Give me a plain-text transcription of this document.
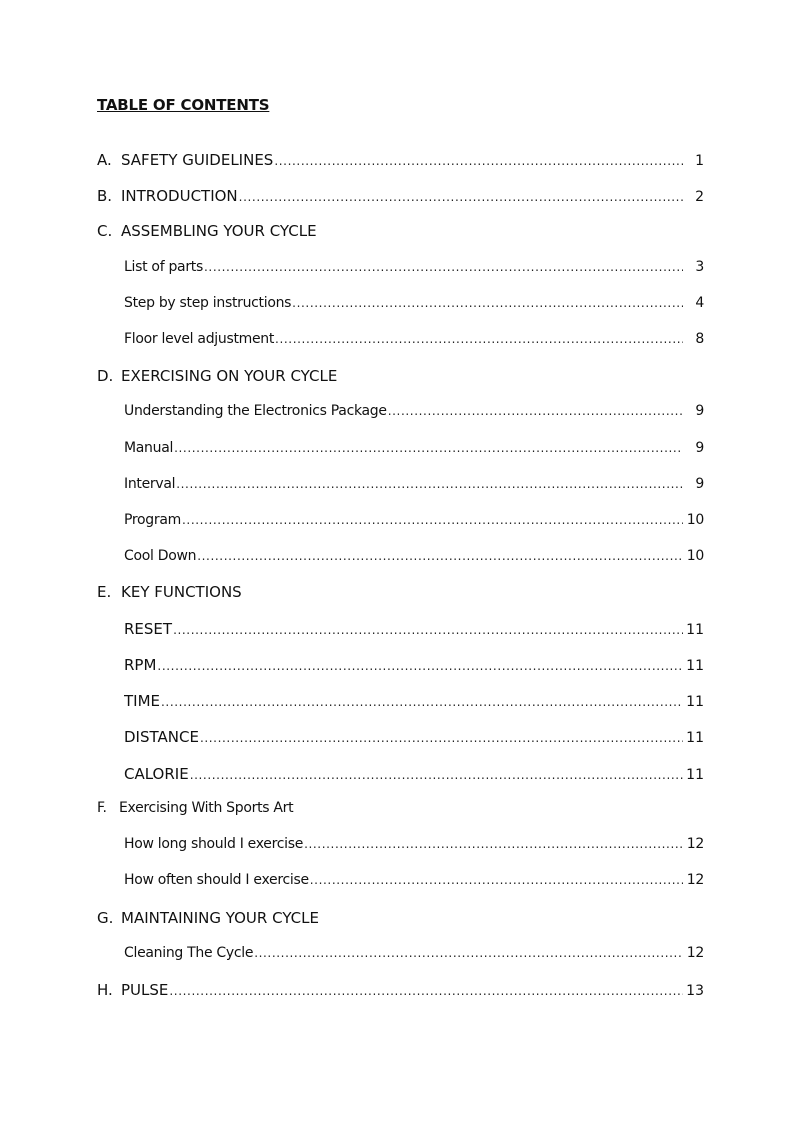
TABLE OF CONTENTS
A. SAFETY GUIDELINES .....	1
B. INTRODUCTION .....	2
C. ASSEMBLING YOUR CYCLE
List of parts .....	3
Step by step instructions .....	4
Floor level adjustment .....	8
D. EXERCISING ON YOUR CYCLE
Understanding the Electronics Package .....	9
Manual .....	9
Interval .....	9
Program .....	10
Cool Down .....	10
E. KEY FUNCTIONS
RESET .....	11
RPM .....	11
TIME .....	11
DISTANCE .....	11
CALORIE .....	11
F. Exercising With Sports Art
How long should I exercise .....	12
How often should I exercise .....	12
G. MAINTAINING YOUR CYCLE
Cleaning The Cycle .....	12
H. PULSE .....	13
